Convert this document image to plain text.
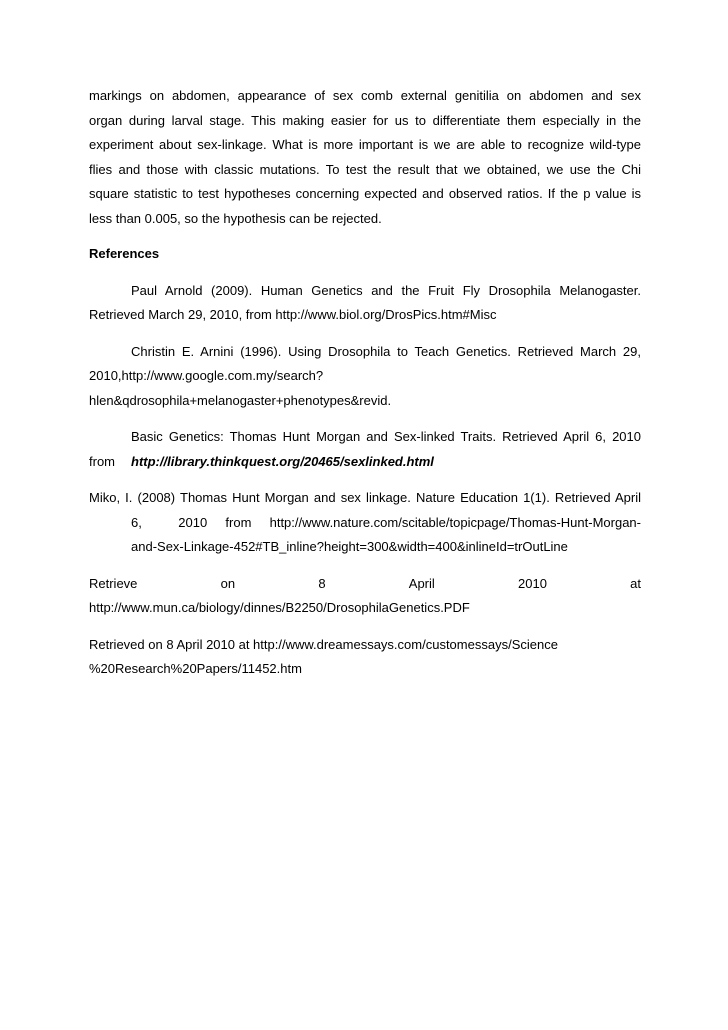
markings on abdomen, appearance of sex comb external genitilia on abdomen and sex
organ during larval stage. This making easier for us to differentiate them especially in the
experiment about sex-linkage. What is more important is we are able to recognize wild-type
flies and those with classic mutations. To test the result that we obtained, we use the Chi
square statistic to test hypotheses concerning expected and observed ratios. If the p value is
less than 0.005, so the hypothesis can be rejected.
References
Paul Arnold (2009). Human Genetics and the Fruit Fly Drosophila Melanogaster.
Retrieved March 29, 2010, from http://www.biol.org/DrosPics.htm#Misc
Christin E. Arnini (1996). Using Drosophila to Teach Genetics. Retrieved March 29,
2010,http://www.google.com.my/search?
hlen&qdrosophila+melanogaster+phenotypes&revid.
Basic Genetics: Thomas Hunt Morgan and Sex-linked Traits. Retrieved April 6, 2010
from	http://library.thinkquest.org/20465/sexlinked.html
Miko, I. (2008) Thomas Hunt Morgan and sex linkage. Nature Education 1(1). Retrieved April
6,      2010   from   http://www.nature.com/scitable/topicpage/Thomas-Hunt-Morgan-
and-Sex-Linkage-452#TB_inline?height=300&width=400&inlineId=trOutLine
Retrieve	on	8	April	2010	at
http://www.mun.ca/biology/dinnes/B2250/DrosophilaGenetics.PDF
Retrieved on 8 April 2010 at http://www.dreamessays.com/customessays/Science
%20Research%20Papers/11452.htm
